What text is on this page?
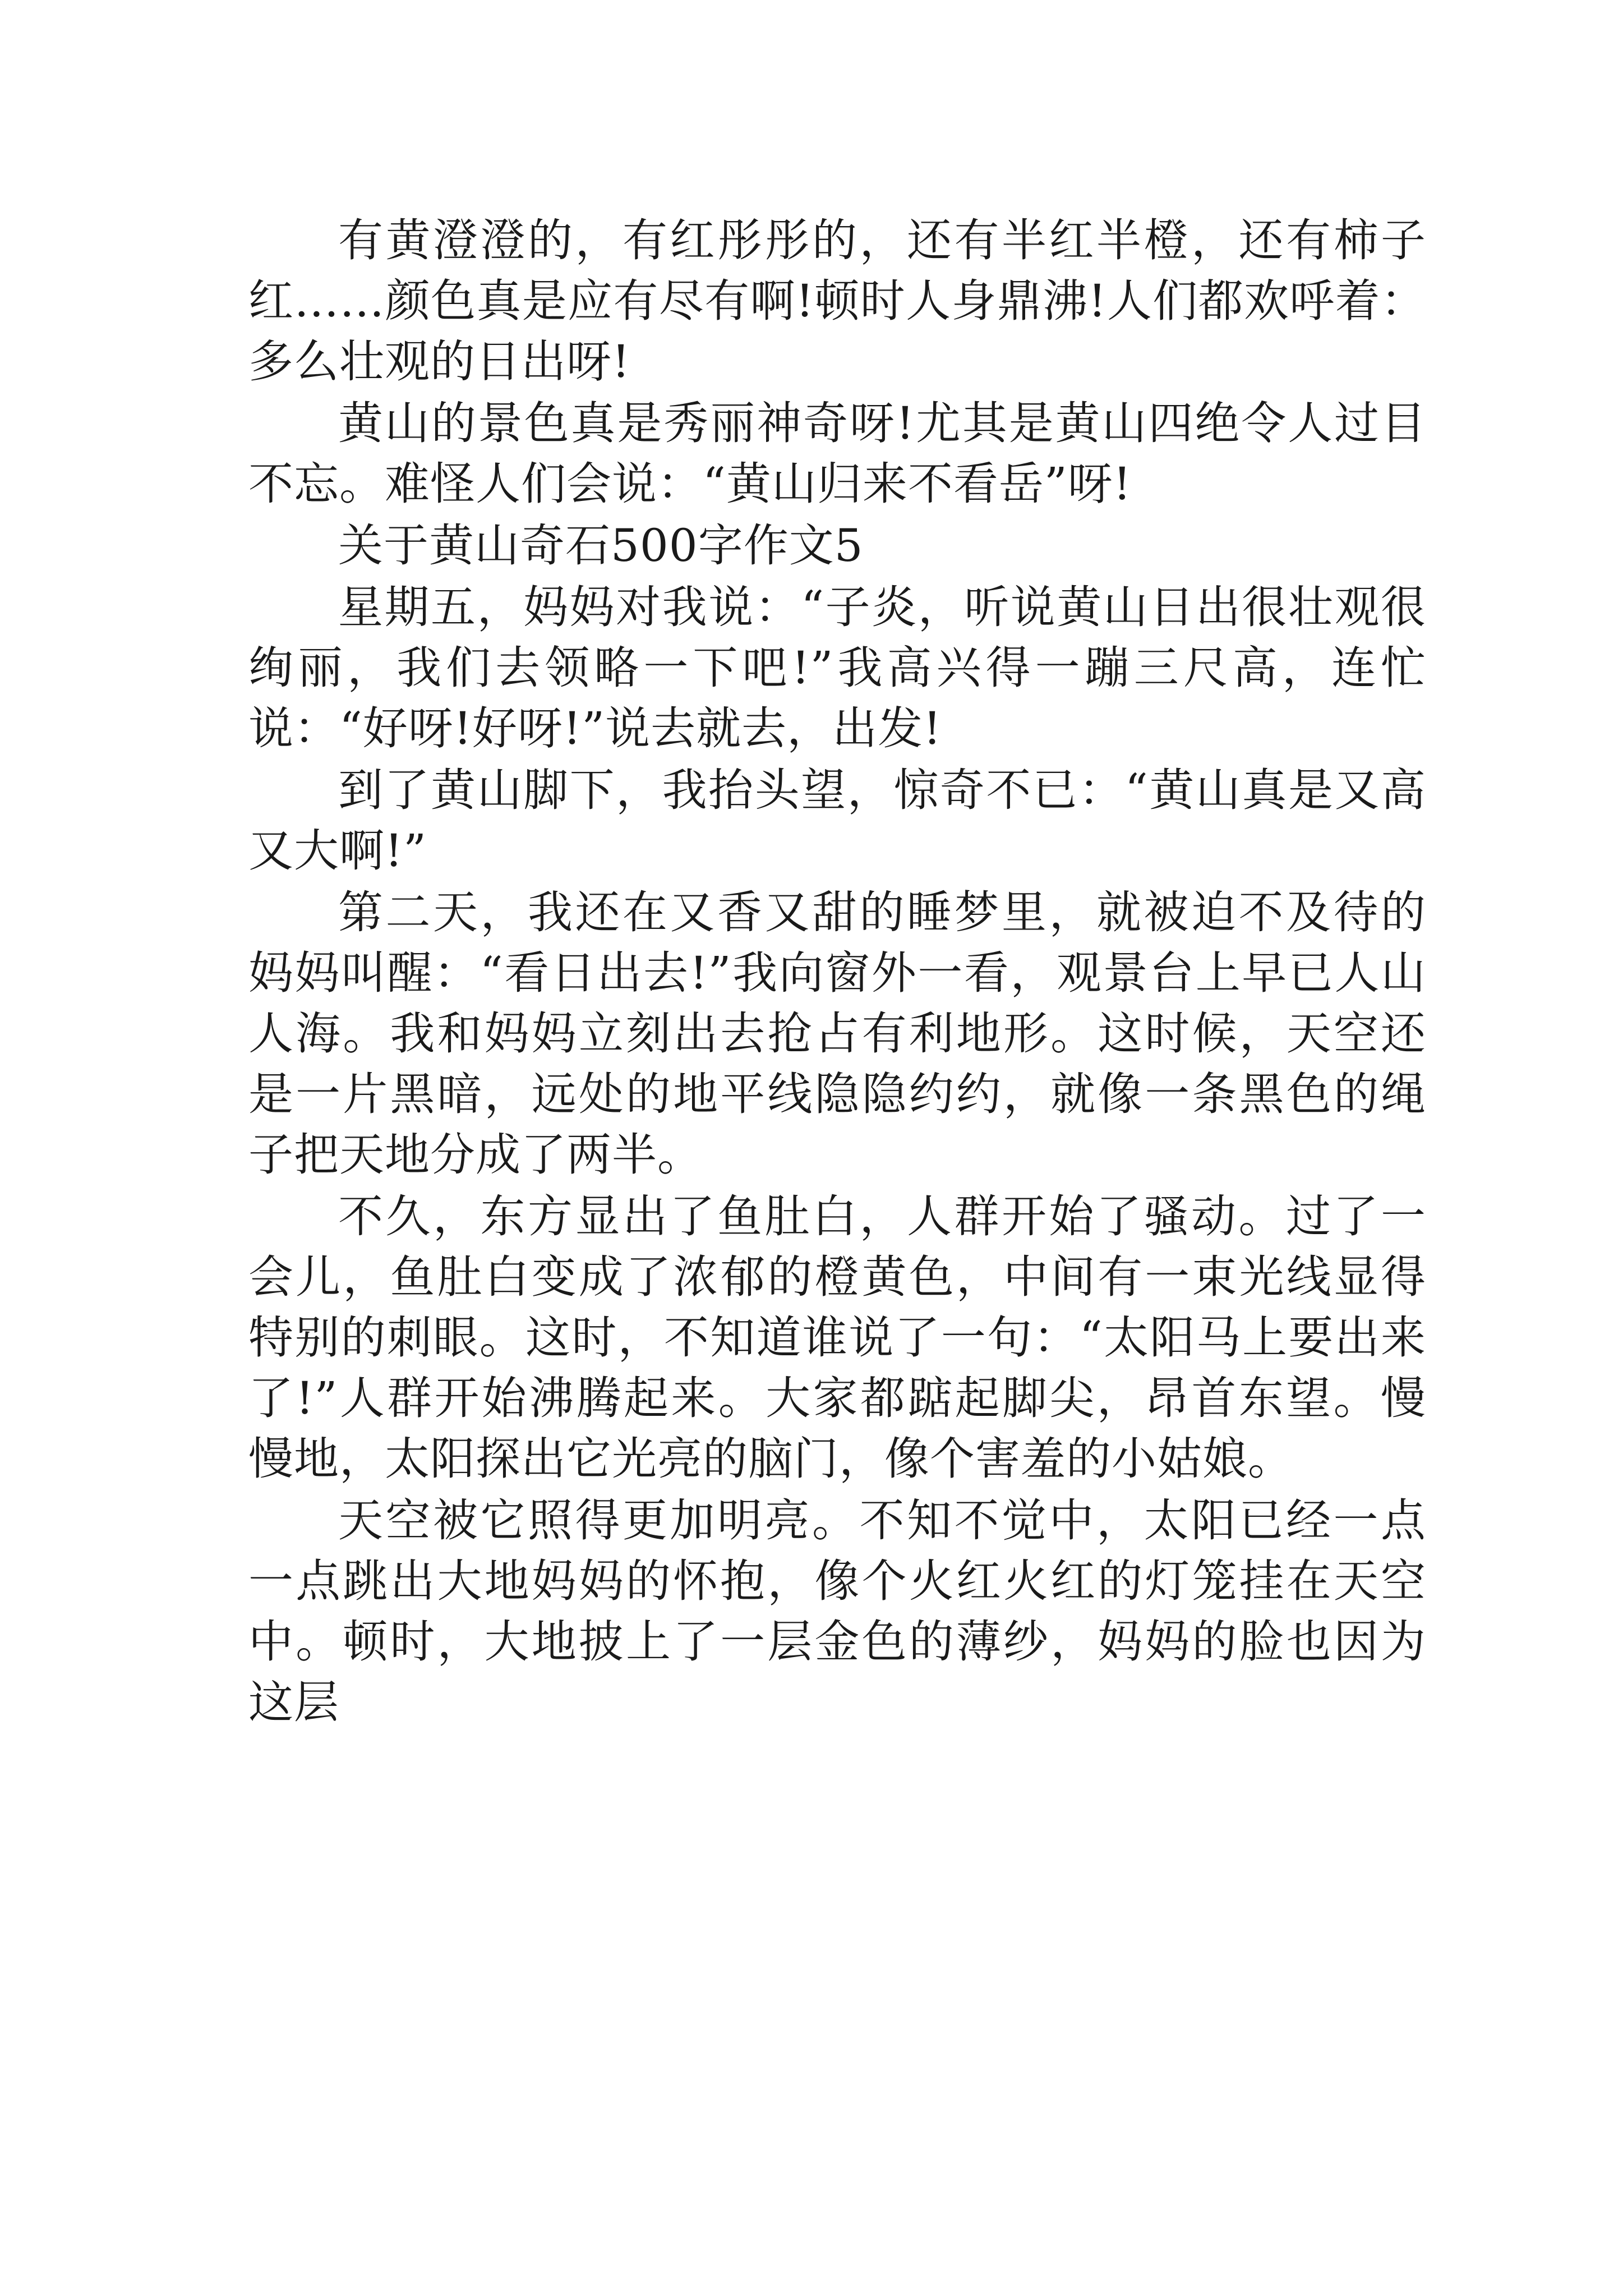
有黄澄澄的，有红彤彤的，还有半红半橙，还有柿子红……颜色真是应有尽有啊!顿时人身鼎沸!人们都欢呼着：多么壮观的日出呀!

黄山的景色真是秀丽神奇呀!尤其是黄山四绝令人过目不忘。难怪人们会说：“黄山归来不看岳”呀!

关于黄山奇石500字作文5

星期五，妈妈对我说：“子炎，听说黄山日出很壮观很绚丽，我们去领略一下吧!”我高兴得一蹦三尺高，连忙说：“好呀!好呀!”说去就去，出发!

到了黄山脚下，我抬头望，惊奇不已：“黄山真是又高又大啊!”

第二天，我还在又香又甜的睡梦里，就被迫不及待的妈妈叫醒：“看日出去!”我向窗外一看，观景台上早已人山人海。我和妈妈立刻出去抢占有利地形。这时候，天空还是一片黑暗，远处的地平线隐隐约约，就像一条黑色的绳子把天地分成了两半。

不久，东方显出了鱼肚白，人群开始了骚动。过了一会儿，鱼肚白变成了浓郁的橙黄色，中间有一束光线显得特别的刺眼。这时，不知道谁说了一句：“太阳马上要出来了!”人群开始沸腾起来。大家都踮起脚尖，昂首东望。慢慢地，太阳探出它光亮的脑门，像个害羞的小姑娘。

天空被它照得更加明亮。不知不觉中，太阳已经一点一点跳出大地妈妈的怀抱，像个火红火红的灯笼挂在天空中。顿时，大地披上了一层金色的薄纱，妈妈的脸也因为这层
